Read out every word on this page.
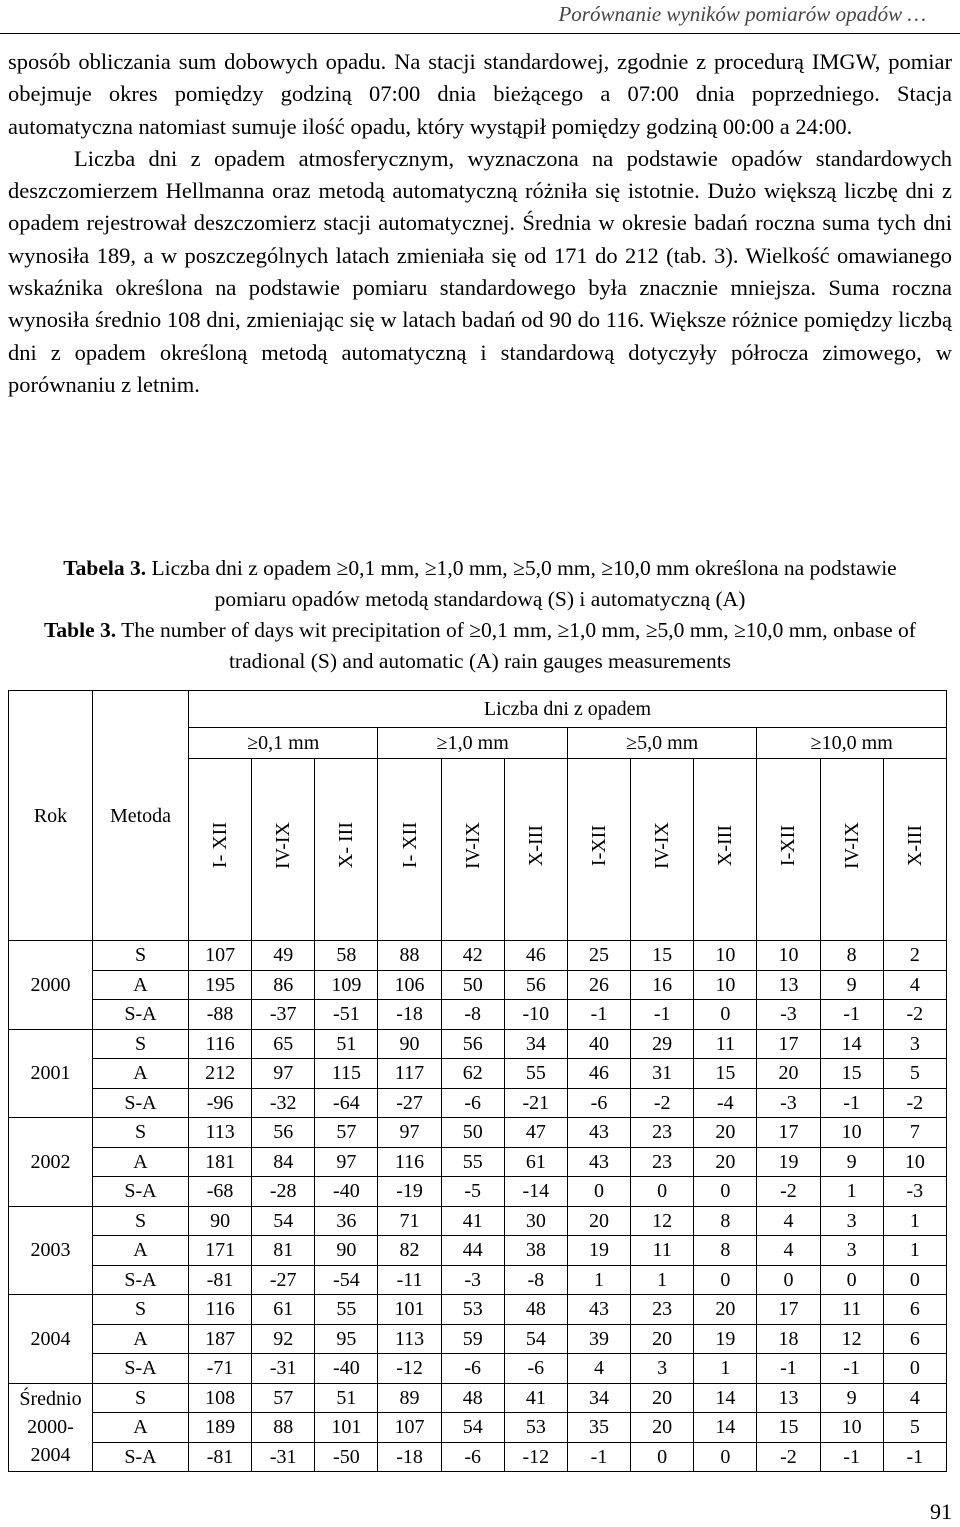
Porównanie wyników pomiarów opadów …

sposób obliczania sum dobowych opadu. Na stacji standardowej, zgodnie z procedurą IMGW, pomiar obejmuje okres pomiędzy godziną 07:00 dnia bieżącego a 07:00 dnia poprzedniego. Stacja automatyczna natomiast sumuje ilość opadu, który wystąpił pomiędzy godziną 00:00 a 24:00.

Liczba dni z opadem atmosferycznym, wyznaczona na podstawie opadów standardowych deszczomierzem Hellmanna oraz metodą automatyczną różniła się istotnie. Dużo większą liczbę dni z opadem rejestrował deszczomierz stacji automatycznej. Średnia w okresie badań roczna suma tych dni wynosiła 189, a w poszczególnych latach zmieniała się od 171 do 212 (tab. 3). Wielkość omawianego wskaźnika określona na podstawie pomiaru standardowego była znacznie mniejsza. Suma roczna wynosiła średnio 108 dni, zmieniając się w latach badań od 90 do 116. Większe różnice pomiędzy liczbą dni z opadem określoną metodą automatyczną i standardową dotyczyły półrocza zimowego, w porównaniu z letnim.

Tabela 3. Liczba dni z opadem ≥0,1 mm, ≥1,0 mm, ≥5,0 mm, ≥10,0 mm określona na podstawie pomiaru opadów metodą standardową (S) i automatyczną (A)

Table 3. The number of days wit precipitation of ≥0,1 mm, ≥1,0 mm, ≥5,0 mm, ≥10,0 mm, onbase of tradional (S) and automatic (A) rain gauges measurements

Rok	Metoda	Liczba dni z opadem											
		≥0,1 mm			≥1,0 mm			≥5,0 mm			≥10,0 mm		
		I- XII	IV-IX	X- III	I- XII	IV-IX	X-III	I-XII	IV-IX	X-III	I-XII	IV-IX	X-III

2000	S	107	49	58	88	42	46	25	15	10	10	8	2
	A	195	86	109	106	50	56	26	16	10	13	9	4
	S-A	-88	-37	-51	-18	-8	-10	-1	-1	0	-3	-1	-2

2001	S	116	65	51	90	56	34	40	29	11	17	14	3
	A	212	97	115	117	62	55	46	31	15	20	15	5
	S-A	-96	-32	-64	-27	-6	-21	-6	-2	-4	-3	-1	-2

2002	S	113	56	57	97	50	47	43	23	20	17	10	7
	A	181	84	97	116	55	61	43	23	20	19	9	10
	S-A	-68	-28	-40	-19	-5	-14	0	0	0	-2	1	-3

2003	S	90	54	36	71	41	30	20	12	8	4	3	1
	A	171	81	90	82	44	38	19	11	8	4	3	1
	S-A	-81	-27	-54	-11	-3	-8	1	1	0	0	0	0

2004	S	116	61	55	101	53	48	43	23	20	17	11	6
	A	187	92	95	113	59	54	39	20	19	18	12	6
	S-A	-71	-31	-40	-12	-6	-6	4	3	1	-1	-1	0

Średnio
2000-
2004	S	108	57	51	89	48	41	34	20	14	13	9	4
	A	189	88	101	107	54	53	35	20	14	15	10	5
	S-A	-81	-31	-50	-18	-6	-12	-1	0	0	-2	-1	-1
91
